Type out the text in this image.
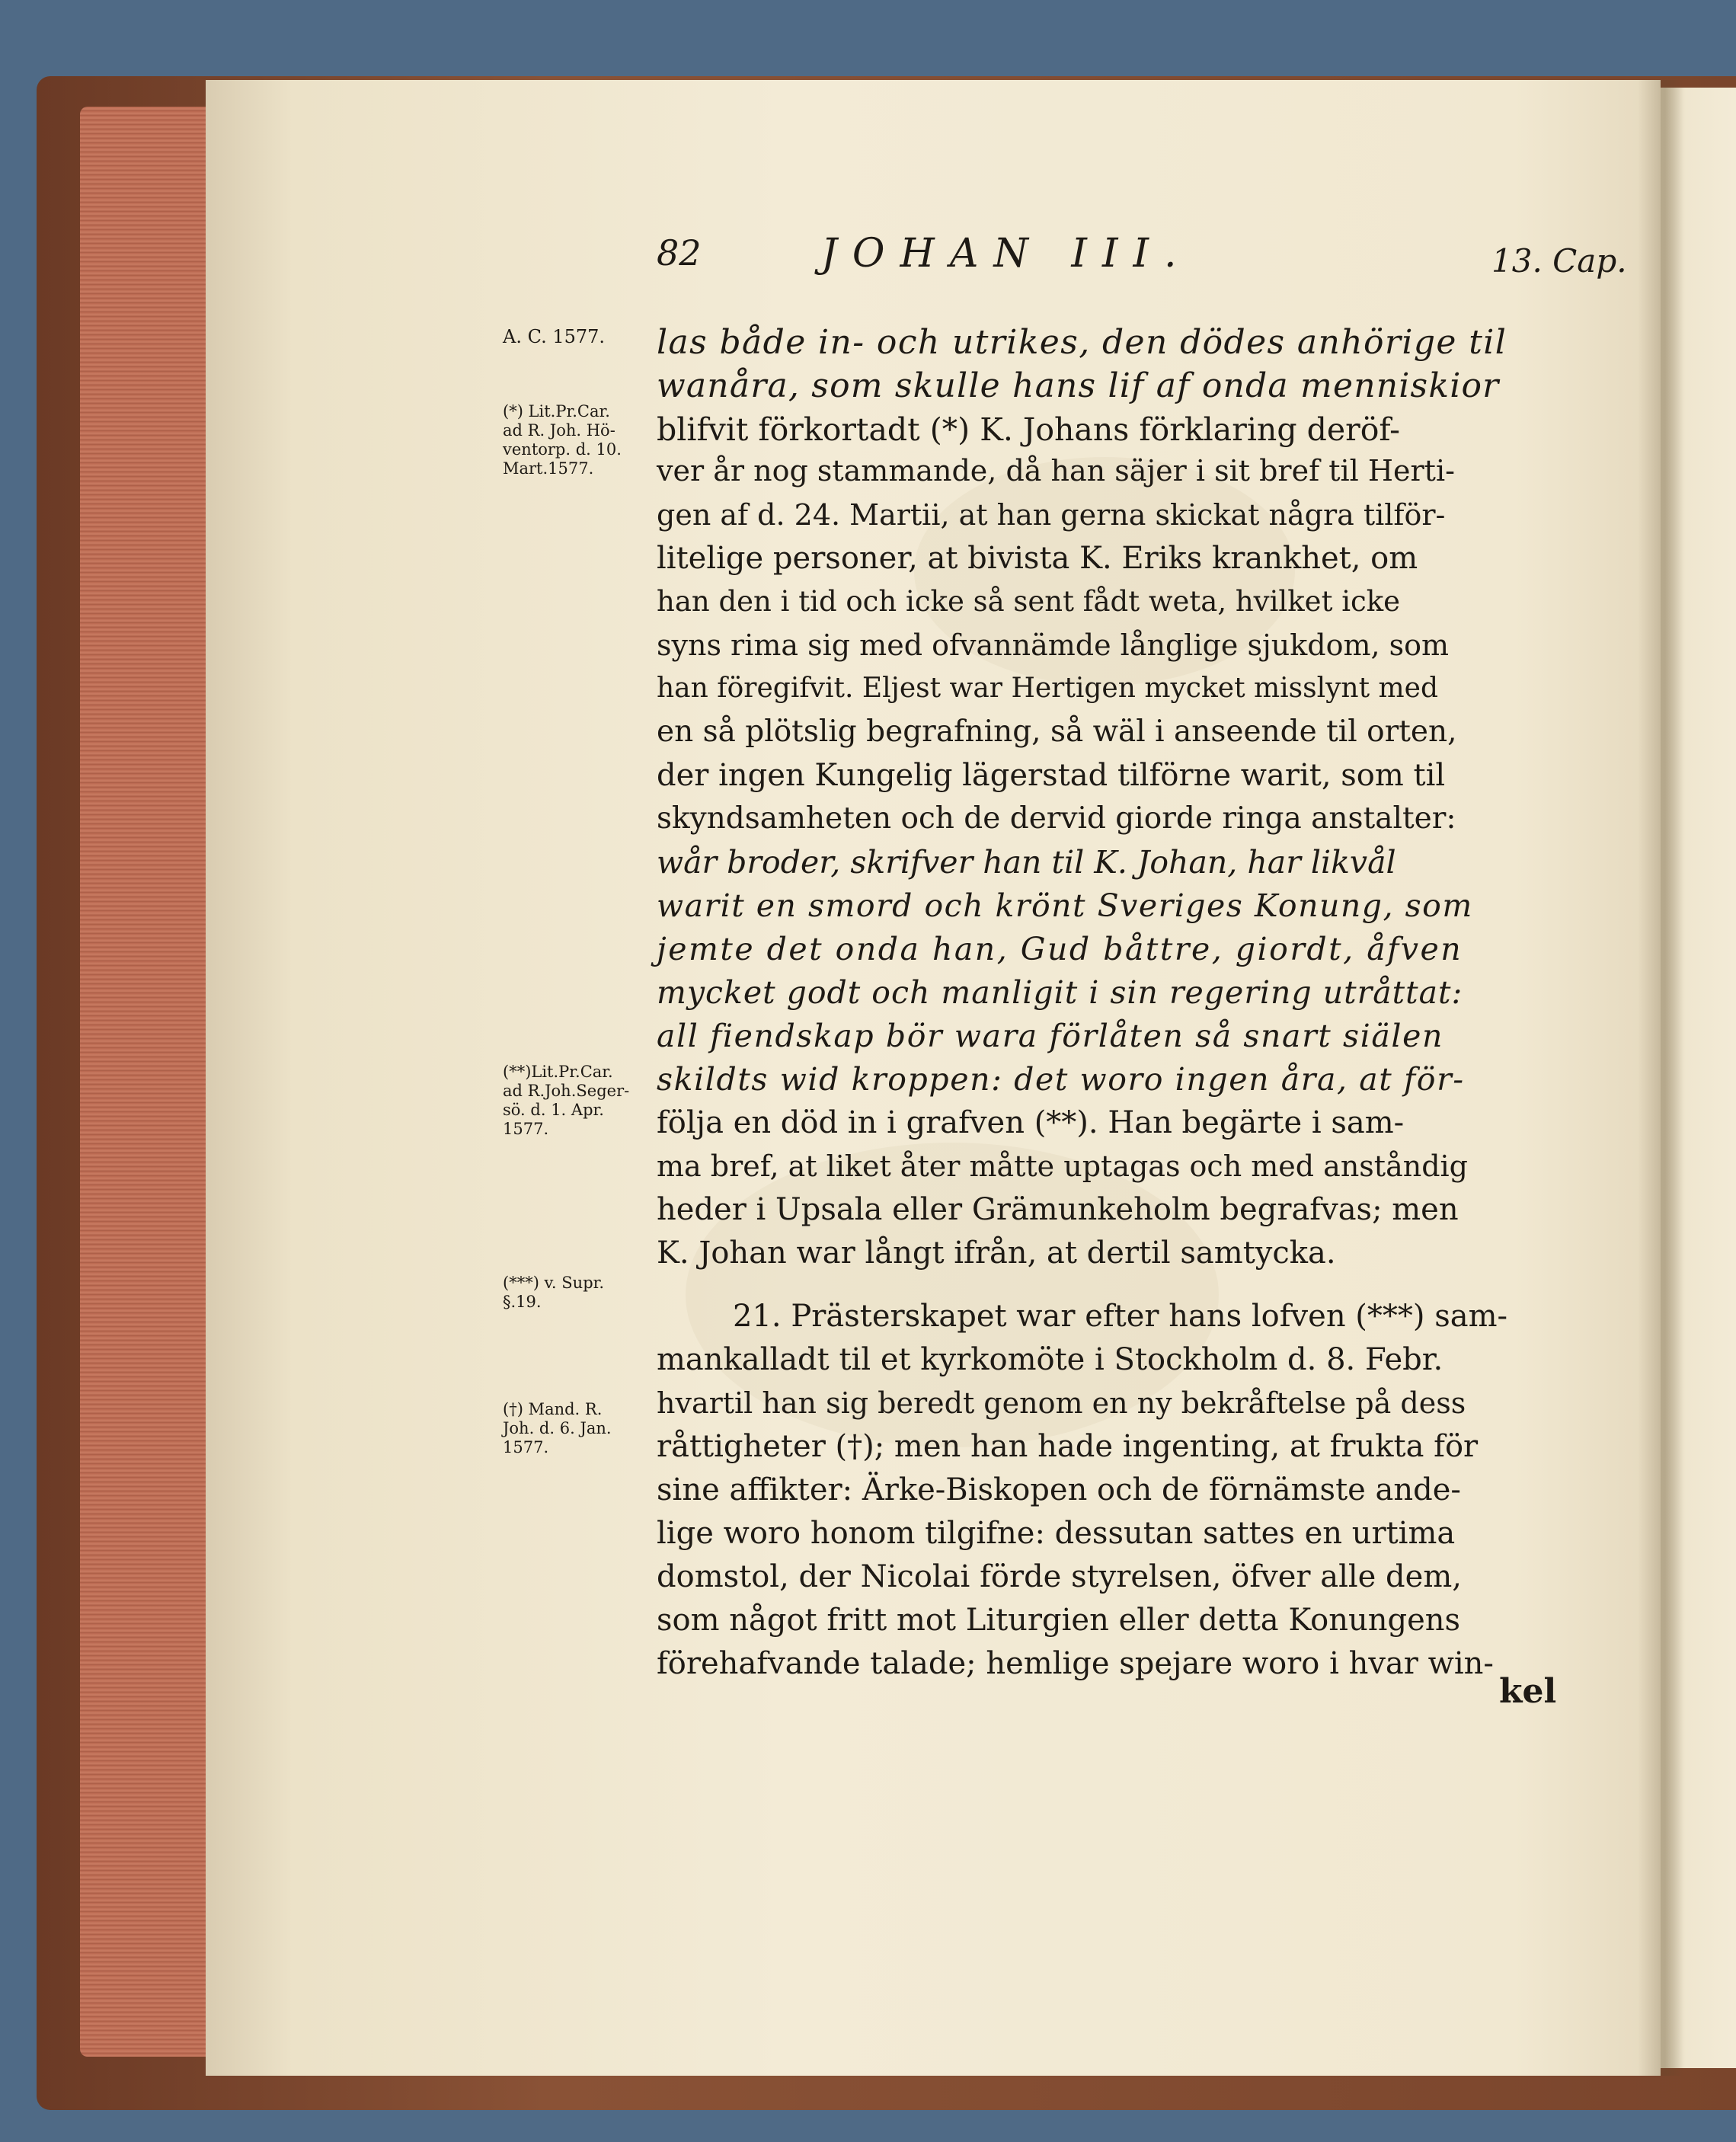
82	JOHAN III.	13. Cap.
A. C. 1577.
(*) Lit.Pr.Car.
ad R. Joh. Hö-
ventorp. d. 10.
Mart.1577.
(**)Lit.Pr.Car.
ad R.Joh.Seger-
sö. d. 1. Apr.
1577.
(***) v. Supr.
§.19.
(†) Mand. R.
Joh. d. 6. Jan.
1577.
las både in- och utrikes, den dödes anhörige til
wanåra, som skulle hans lif af onda menniskior
blifvit förkortadt (*) K. Johans förklaring deröf-
ver år nog stammande, då han säjer i sit bref til Herti-
gen af d. 24. Martii, at han gerna skickat några tilför-
litelige personer, at bivista K. Eriks krankhet, om
han den i tid och icke så sent fådt weta, hvilket icke
syns rima sig med ofvannämde långlige sjukdom, som
han föregifvit. Eljest war Hertigen mycket misslynt med
en så plötslig begrafning, så wäl i anseende til orten,
der ingen Kungelig lägerstad tilförne warit, som til
skyndsamheten och de dervid giorde ringa anstalter:
wår broder, skrifver han til K. Johan, har likvål
warit en smord och krönt Sveriges Konung, som
jemte det onda han, Gud båttre, giordt, åfven
mycket godt och manligit i sin regering utråttat:
all fiendskap bör wara förlåten så snart siälen
skildts wid kroppen: det woro ingen åra, at för-
följa en död in i grafven (**). Han begärte i sam-
ma bref, at liket åter måtte uptagas och med anståndig
heder i Upsala eller Grämunkeholm begrafvas; men
K. Johan war långt ifrån, at dertil samtycka.
21. Prästerskapet war efter hans lofven (***) sam-
mankalladt til et kyrkomöte i Stockholm d. 8. Febr.
hvartil han sig beredt genom en ny bekråftelse på dess
råttigheter (†); men han hade ingenting, at frukta för
sine affikter: Ärke-Biskopen och de förnämste ande-
lige woro honom tilgifne: dessutan sattes en urtima
domstol, der Nicolai förde styrelsen, öfver alle dem,
som något fritt mot Liturgien eller detta Konungens
förehafvande talade; hemlige spejare woro i hvar win-
kel
